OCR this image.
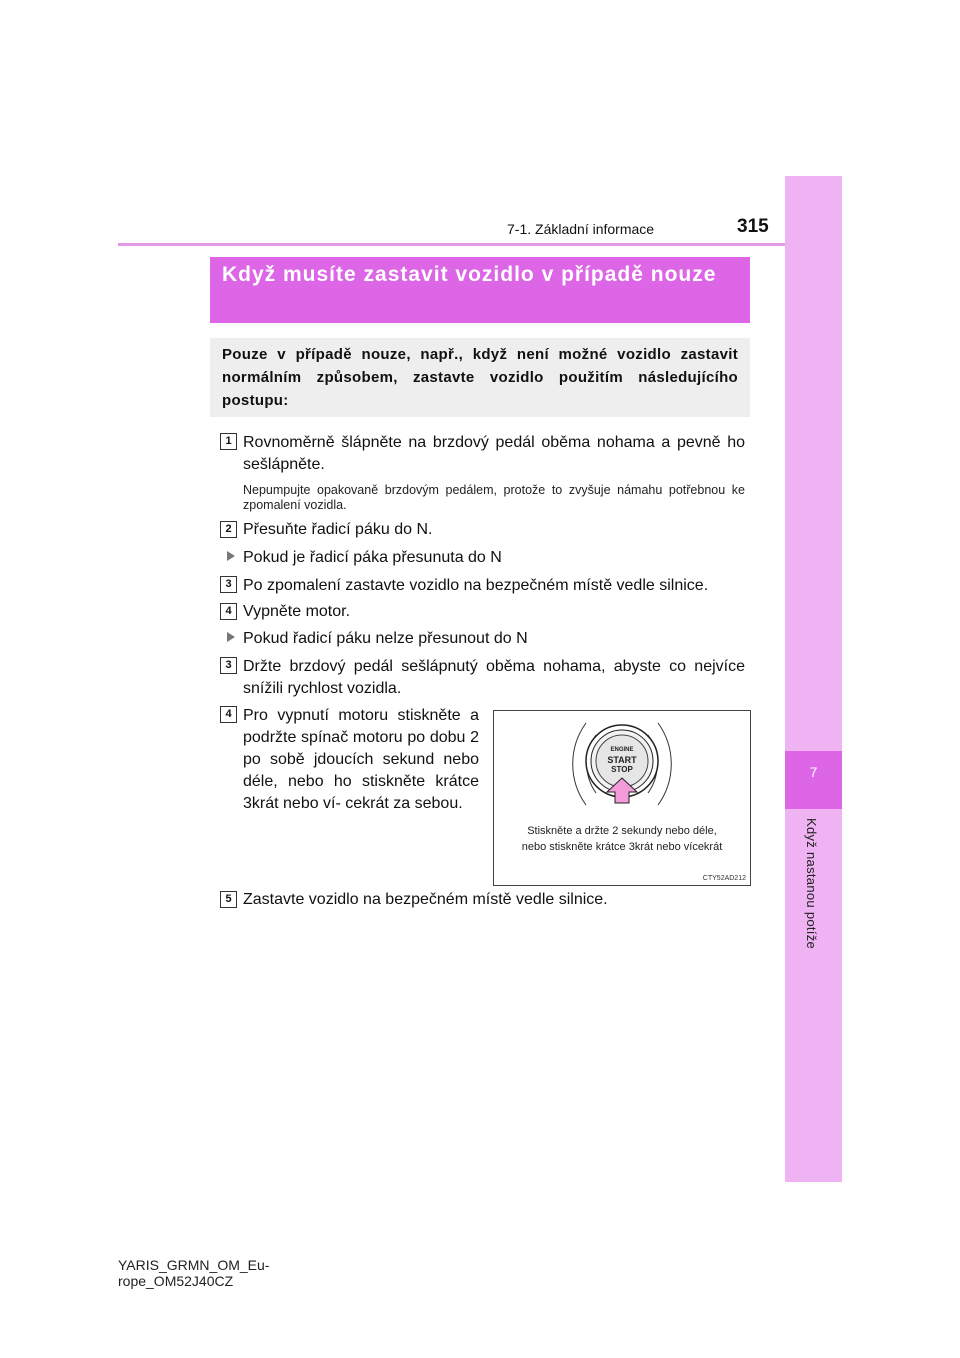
7
Když nastanou potíže
7-1. Základní informace	315
Když musíte zastavit vozidlo v případě nouze
Pouze v případě nouze, např., když není možné vozidlo zastavit normálním způsobem, zastavte vozidlo použitím následujícího postupu:
1 Rovnoměrně šlápněte na brzdový pedál oběma nohama a pevně ho sešlápněte.
Nepumpujte opakovaně brzdovým pedálem, protože to zvyšuje námahu potřebnou ke zpomalení vozidla.
2 Přesuňte řadicí páku do N.
Pokud je řadicí páka přesunuta do N
3 Po zpomalení zastavte vozidlo na bezpečném místě vedle silnice.
4 Vypněte motor.
Pokud řadicí páku nelze přesunout do N
3 Držte brzdový pedál sešlápnutý oběma nohama, abyste co nejvíce snížili rychlost vozidla.
4 Pro vypnutí motoru stiskněte a podržte spínač motoru po dobu 2 po sobě jdoucích sekund nebo déle, nebo ho stiskněte krátce 3krát nebo ví- cekrát za sebou.
ENGINE
START
STOP
Stiskněte a držte 2 sekundy nebo déle,
nebo stiskněte krátce 3krát nebo vícekrát
CTY52AD212
5 Zastavte vozidlo na bezpečném místě vedle silnice.
YARIS_GRMN_OM_Eu-
rope_OM52J40CZ
